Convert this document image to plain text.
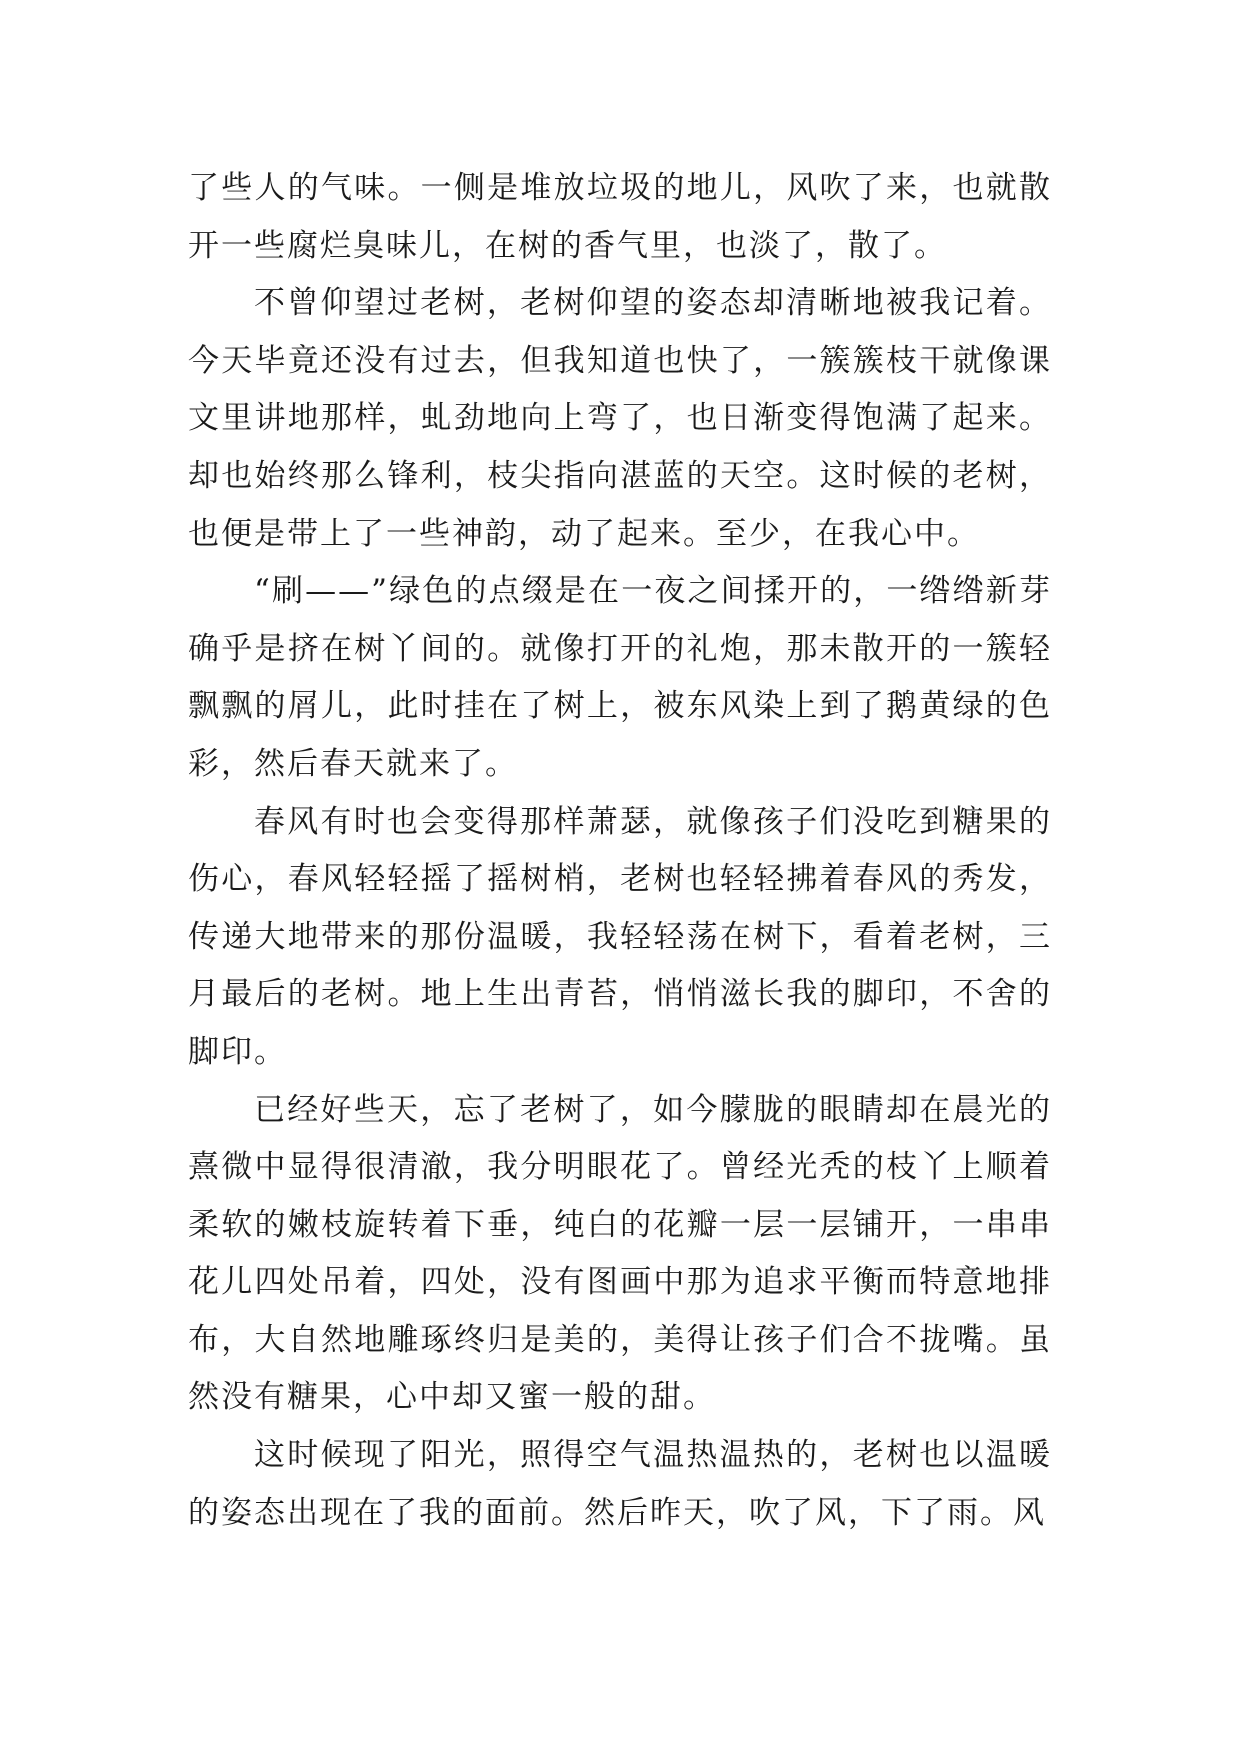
了些人的气味。一侧是堆放垃圾的地儿，风吹了来，也就散开一些腐烂臭味儿，在树的香气里，也淡了，散了。

不曾仰望过老树，老树仰望的姿态却清晰地被我记着。今天毕竟还没有过去，但我知道也快了，一簇簇枝干就像课文里讲地那样，虬劲地向上弯了，也日渐变得饱满了起来。却也始终那么锋利，枝尖指向湛蓝的天空。这时候的老树，也便是带上了一些神韵，动了起来。至少，在我心中。

“刷——”绿色的点缀是在一夜之间揉开的，一绺绺新芽确乎是挤在树丫间的。就像打开的礼炮，那未散开的一簇轻飘飘的屑儿，此时挂在了树上，被东风染上到了鹅黄绿的色彩，然后春天就来了。

春风有时也会变得那样萧瑟，就像孩子们没吃到糖果的伤心，春风轻轻摇了摇树梢，老树也轻轻拂着春风的秀发，传递大地带来的那份温暖，我轻轻荡在树下，看着老树，三月最后的老树。地上生出青苔，悄悄滋长我的脚印，不舍的脚印。

已经好些天，忘了老树了，如今朦胧的眼睛却在晨光的熹微中显得很清澈，我分明眼花了。曾经光秃的枝丫上顺着柔软的嫩枝旋转着下垂，纯白的花瓣一层一层铺开，一串串花儿四处吊着，四处，没有图画中那为追求平衡而特意地排布，大自然地雕琢终归是美的，美得让孩子们合不拢嘴。虽然没有糖果，心中却又蜜一般的甜。

这时候现了阳光，照得空气温热温热的，老树也以温暖的姿态出现在了我的面前。然后昨天，吹了风，下了雨。风
